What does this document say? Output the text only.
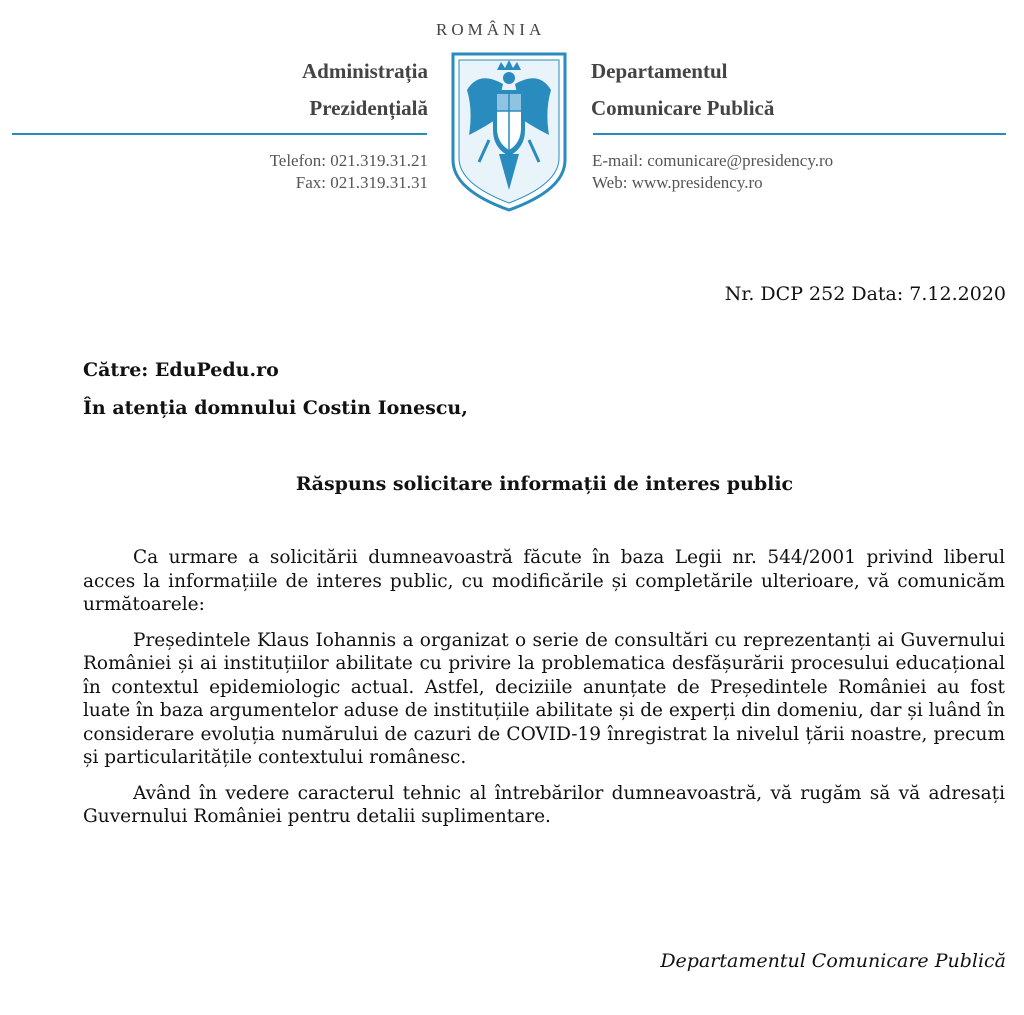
ROMÂNIA
Administrația
Prezidențială
Departamentul
Comunicare Publică
Telefon: 021.319.31.21
Fax: 021.319.31.31
E-mail: comunicare@presidency.ro
Web: www.presidency.ro
Nr. DCP 252 Data: 7.12.2020
Către: EduPedu.ro
În atenția domnului Costin Ionescu,
Răspuns solicitare informații de interes public

Ca urmare a solicitării dumneavoastră făcute în baza Legii nr. 544/2001 privind liberul acces la informațiile de interes public, cu modificările și completările ulterioare, vă comunicăm următoarele:

Președintele Klaus Iohannis a organizat o serie de consultări cu reprezentanți ai Guvernului României și ai instituțiilor abilitate cu privire la problematica desfășurării procesului educațional în contextul epidemiologic actual. Astfel, deciziile anunțate de Președintele României au fost luate în baza argumentelor aduse de instituțiile abilitate și de experți din domeniu, dar și luând în considerare evoluția numărului de cazuri de COVID-19 înregistrat la nivelul țării noastre, precum și particularitățile contextului românesc.

Având în vedere caracterul tehnic al întrebărilor dumneavoastră, vă rugăm să vă adresați Guvernului României pentru detalii suplimentare.

Departamentul Comunicare Publică
